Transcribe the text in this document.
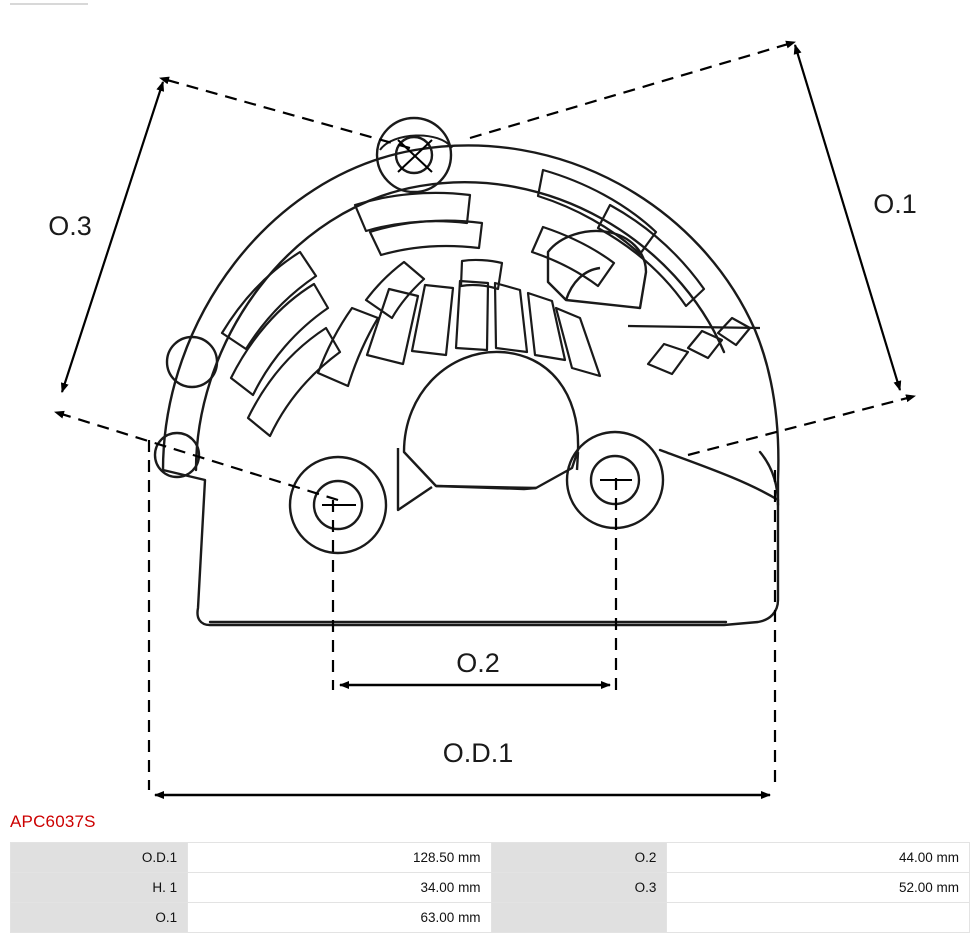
O.3
O.1
O.2
O.D.1
APC6037S
O.D.1	128.50 mm	O.2	44.00 mm
H. 1	34.00 mm	O.3	52.00 mm
O.1	63.00 mm		
